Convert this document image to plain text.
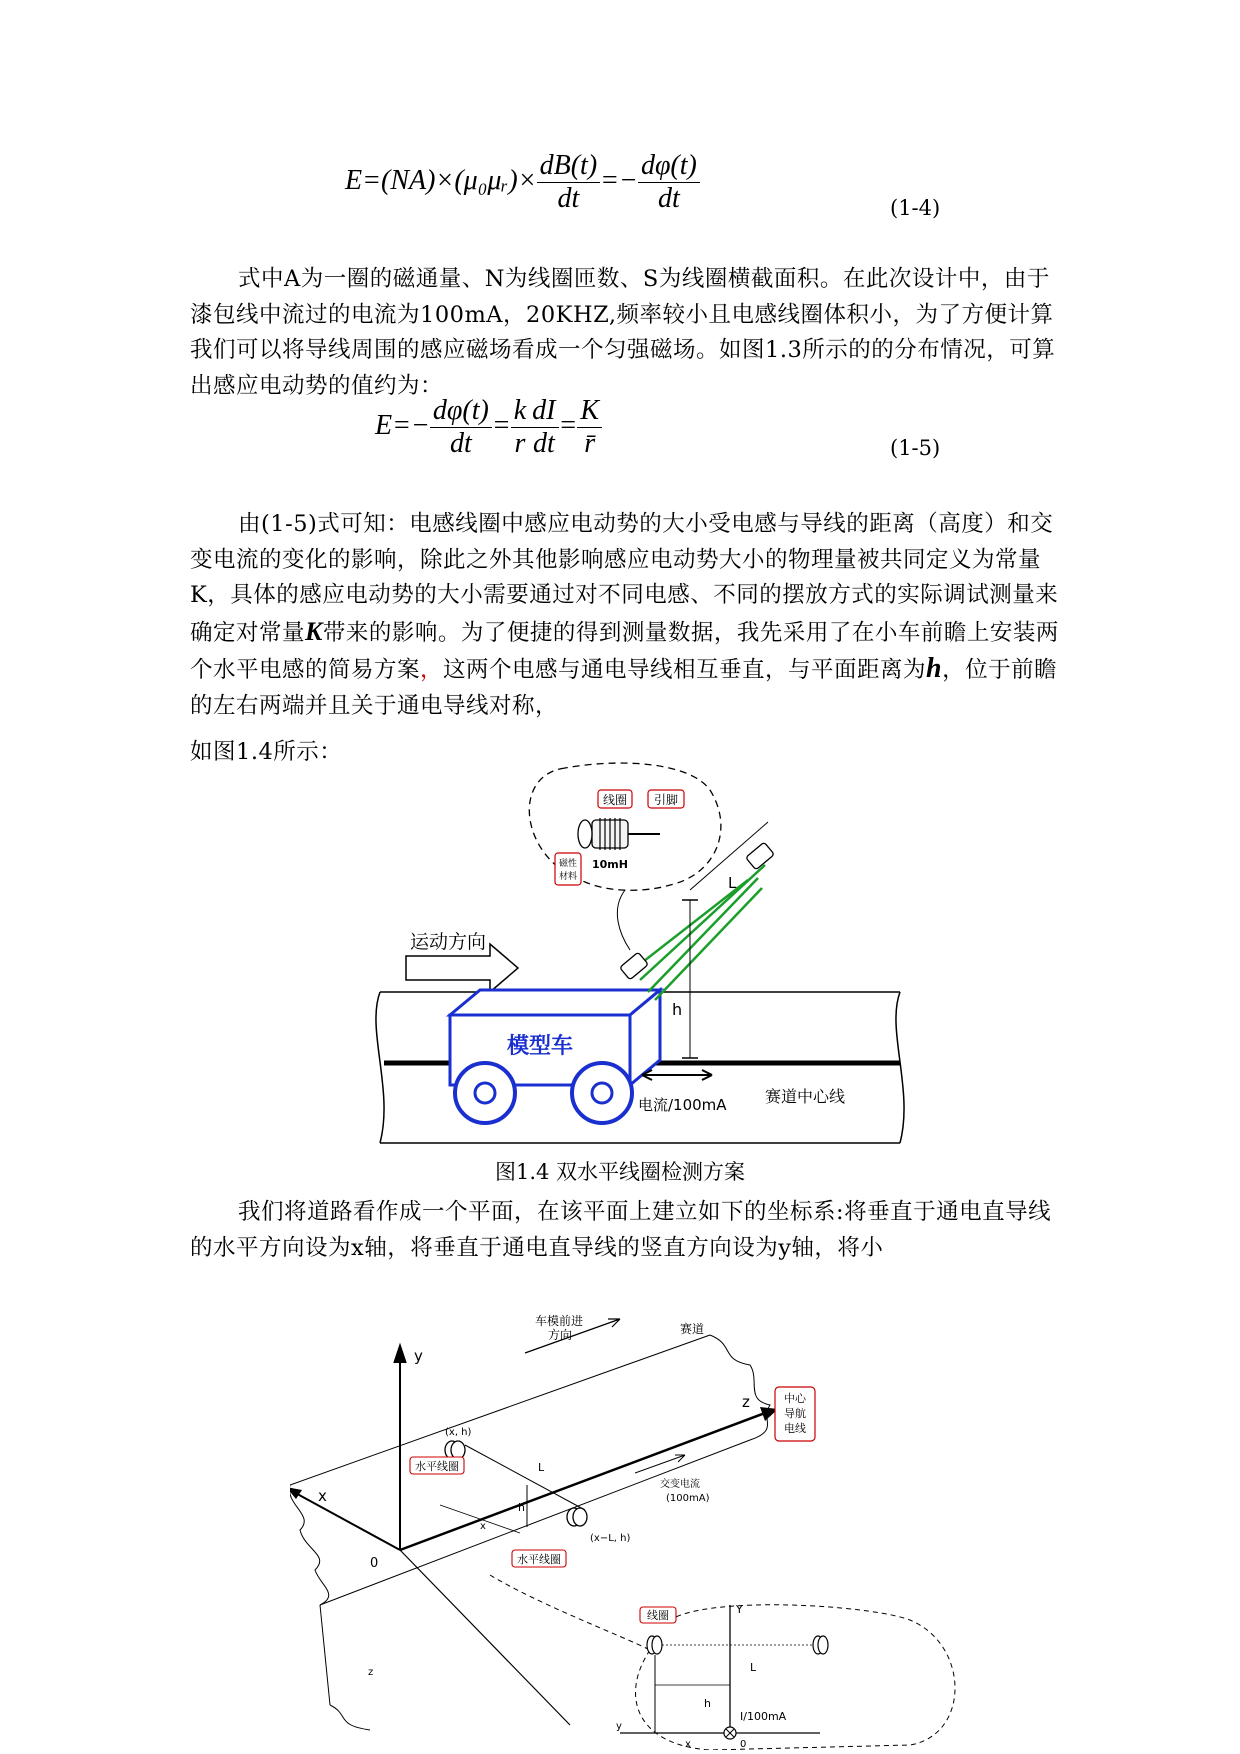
E=(NA)×(μ₀μᵣ)× $\frac{dB(t)}{dt} =- \frac{d\varphi(t)}{dt}$	(1-4)

式中A为一圈的磁通量、N为线圈匝数、S为线圈横截面积。在此次设计中，由于漆包线中流过的电流为100mA，20KHZ,频率较小且电感线圈体积小，为了方便计算我们可以将导线周围的感应磁场看成一个匀强磁场。如图1.3所示的的分布情况，可算出感应电动势的值约为：

$E=- \frac{d\varphi(t)}{dt} = \frac{k}{r} \frac{dI}{dt} = \frac{K}{r̄}$	(1-5)

由(1-5)式可知：电感线圈中感应电动势的大小受电感与导线的距离（高度）和交变电流的变化的影响，除此之外其他影响感应电动势大小的物理量被共同定义为常量K，具体的感应电动势的大小需要通过对不同电感、不同的摆放方式的实际调试测量来确定对常量K带来的影响。为了便捷的得到测量数据，我先采用了在小车前瞻上安装两个水平电感的简易方案，这两个电感与通电导线相互垂直，与平面距离为h，位于前瞻的左右两端并且关于通电导线对称，

如图1.4所示：

线圈 引脚
磁性
材料
10mH
运动方向
模型车
L
h
电流/100mA 赛道中心线
图1.4 双水平线圈检测方案

我们将道路看作成一个平面，在该平面上建立如下的坐标系:将垂直于通电直导线的水平方向设为x轴，将垂直于通电直导线的竖直方向设为y轴，将小

车模前进
方向	赛道
y
x
z
z
0
中心
导航
电线
(x, h)
(x−L, h)
水平线圈
水平线圈
L
h
x
交变电流
(100mA)
线圈	Y
y
h
L
I/100mA
x	0
